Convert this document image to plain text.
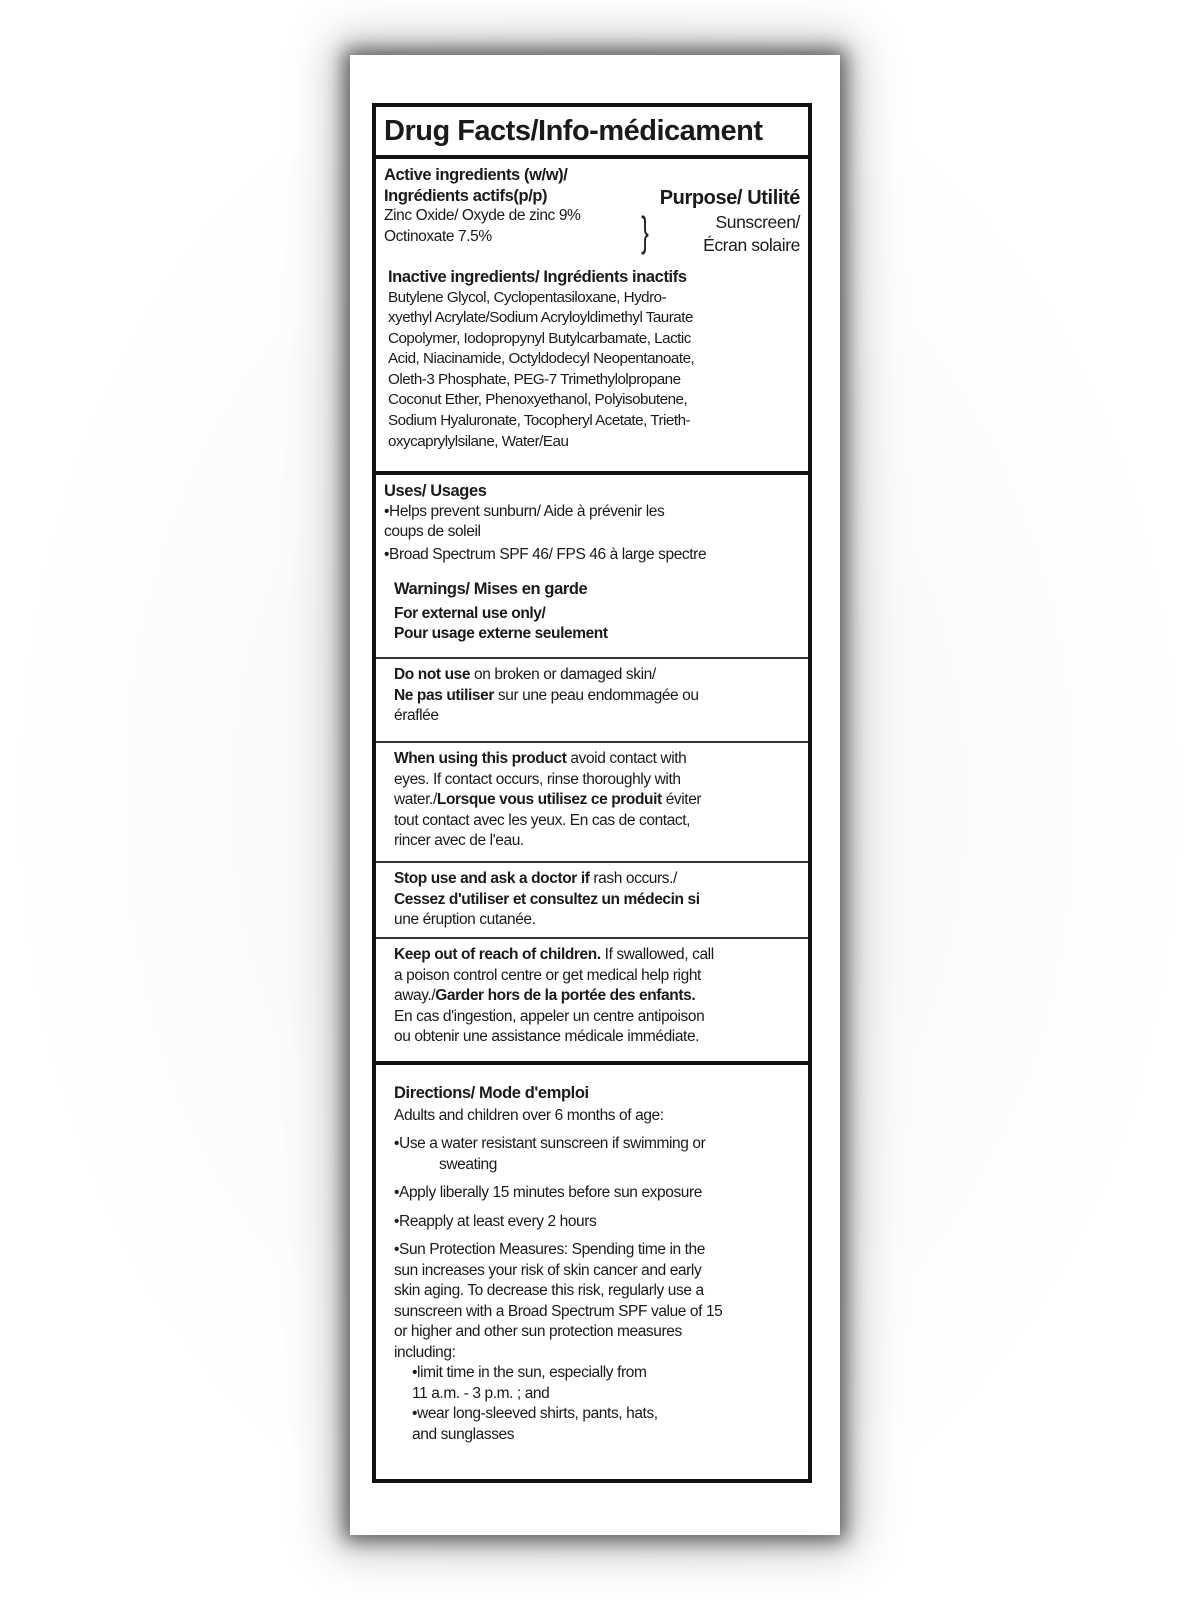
Drug Facts/Info-médicament
Active ingredients (w/w)/
Ingrédients actifs(p/p)
Zinc Oxide/ Oxyde de zinc 9%
Octinoxate 7.5%	}
Purpose/ Utilité
Sunscreen/
Écran solaire
Inactive ingredients/ Ingrédients inactifs
Butylene Glycol, Cyclopentasiloxane, Hydro-
xyethyl Acrylate/Sodium Acryloyldimethyl Taurate
Copolymer, Iodopropynyl Butylcarbamate, Lactic
Acid, Niacinamide, Octyldodecyl Neopentanoate,
Oleth-3 Phosphate, PEG-7 Trimethylolpropane
Coconut Ether, Phenoxyethanol, Polyisobutene,
Sodium Hyaluronate, Tocopheryl Acetate, Trieth-
oxycaprylylsilane, Water/Eau
Uses/ Usages
•Helps prevent sunburn/ Aide à prévenir les
coups de soleil
•Broad Spectrum SPF 46/ FPS 46 à large spectre
Warnings/ Mises en garde
For external use only/
Pour usage externe seulement
Do not use on broken or damaged skin/
Ne pas utiliser sur une peau endommagée ou
éraflée
When using this product avoid contact with
eyes. If contact occurs, rinse thoroughly with
water./Lorsque vous utilisez ce produit éviter
tout contact avec les yeux. En cas de contact,
rincer avec de l'eau.
Stop use and ask a doctor if rash occurs./
Cessez d'utiliser et consultez un médecin si
une éruption cutanée.
Keep out of reach of children. If swallowed, call
a poison control centre or get medical help right
away./Garder hors de la portée des enfants.
En cas d'ingestion, appeler un centre antipoison
ou obtenir une assistance médicale immédiate.
Directions/ Mode d'emploi
Adults and children over 6 months of age:
•Use a water resistant sunscreen if swimming or
sweating
•Apply liberally 15 minutes before sun exposure
•Reapply at least every 2 hours
•Sun Protection Measures: Spending time in the
sun increases your risk of skin cancer and early
skin aging. To decrease this risk, regularly use a
sunscreen with a Broad Spectrum SPF value of 15
or higher and other sun protection measures
including:
•limit time in the sun, especially from
11 a.m. - 3 p.m. ; and
•wear long-sleeved shirts, pants, hats,
and sunglasses
